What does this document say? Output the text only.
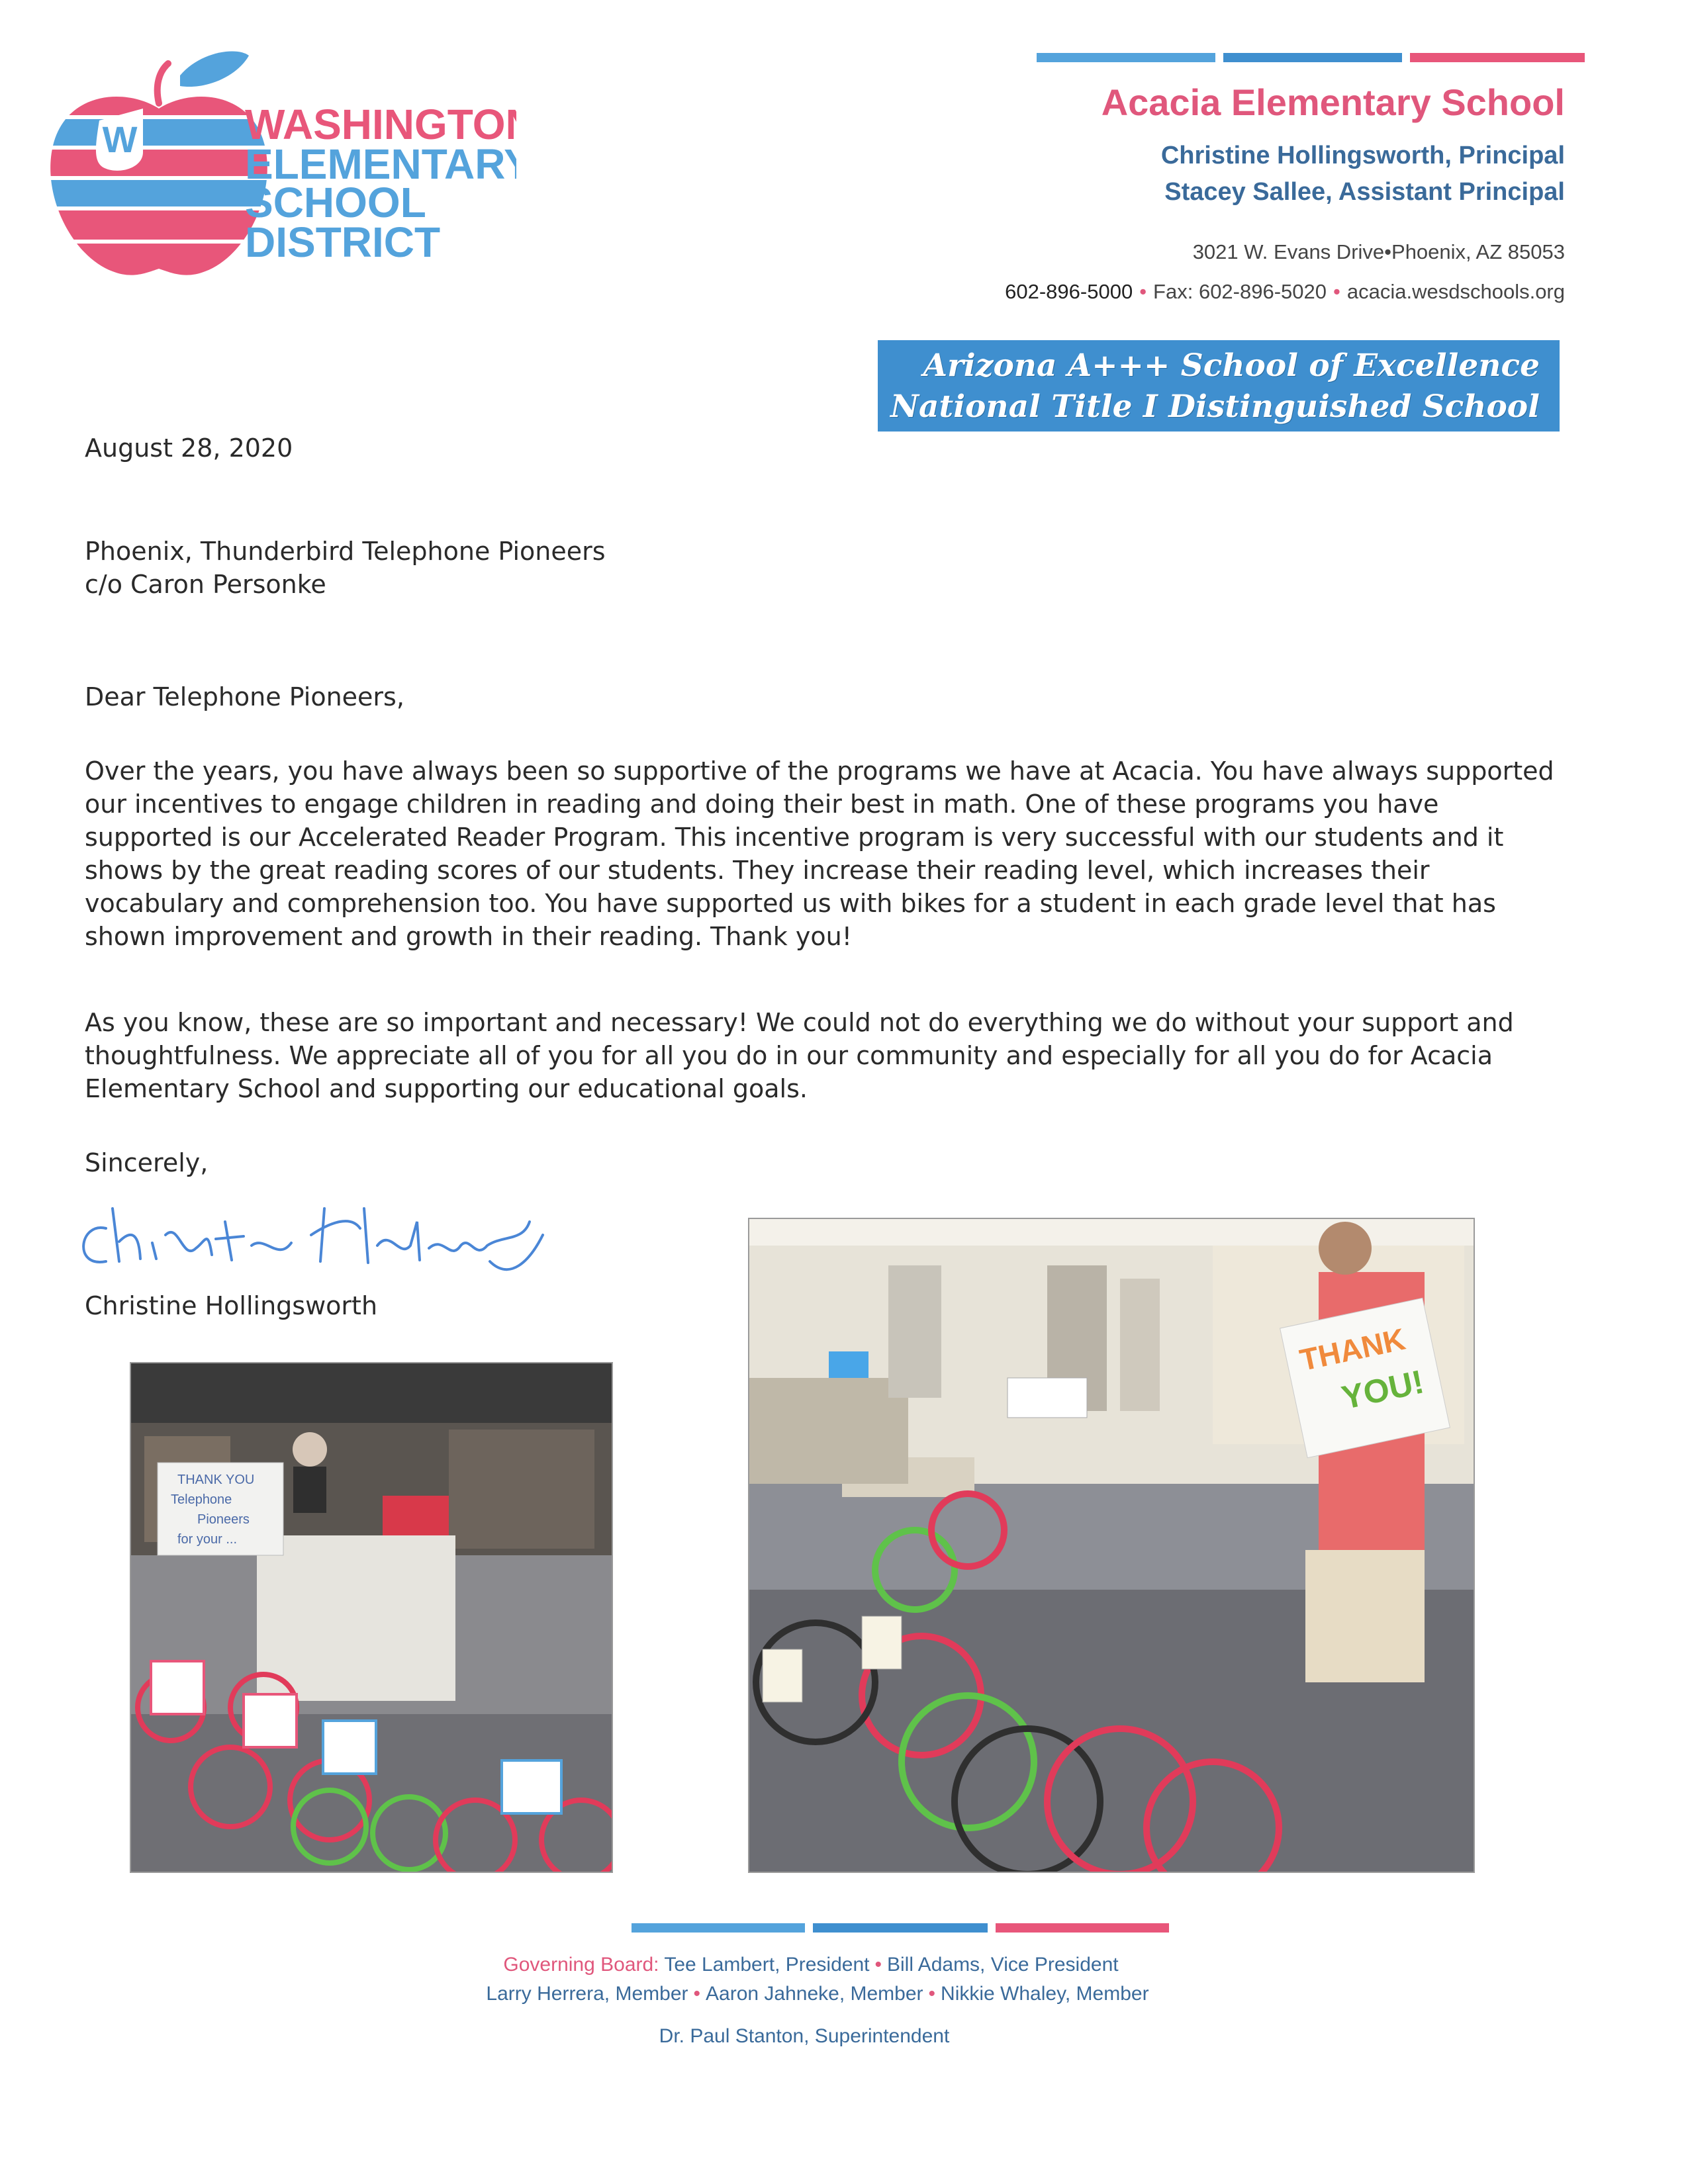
W	WASHINGTON
ELEMENTARY
SCHOOL
DISTRICT

Acacia Elementary School

Christine Hollingsworth, Principal

Stacey Sallee, Assistant Principal

3021 W. Evans Drive•Phoenix, AZ 85053
602-896-5000 • Fax: 602-896-5020 • acacia.wesdschools.org
Arizona A+++ School of Excellence
National Title I Distinguished School
August 28, 2020

Phoenix, Thunderbird Telephone Pioneers

c/o Caron Personke

Dear Telephone Pioneers,
Over the years, you have always been so supportive of the programs we have at Acacia. You have always supported our incentives to engage children in reading and doing their best in math. One of these programs you have supported is our Accelerated Reader Program. This incentive program is very successful with our students and it shows by the great reading scores of our students. They increase their reading level, which increases their vocabulary and comprehension too. You have supported us with bikes for a student in each grade level that has shown improvement and growth in their reading. Thank you!
As you know, these are so important and necessary! We could not do everything we do without your support and thoughtfulness. We appreciate all of you for all you do in our community and especially for all you do for Acacia Elementary School and supporting our educational goals.
Sincerely,
Christine Hollingsworth
THANK YOU
Telephone
Pioneers
for your ...
THANK
YOU!
Governing Board: Tee Lambert, President • Bill Adams, Vice President
Larry Herrera, Member • Aaron Jahneke, Member • Nikkie Whaley, Member
Dr. Paul Stanton, Superintendent
